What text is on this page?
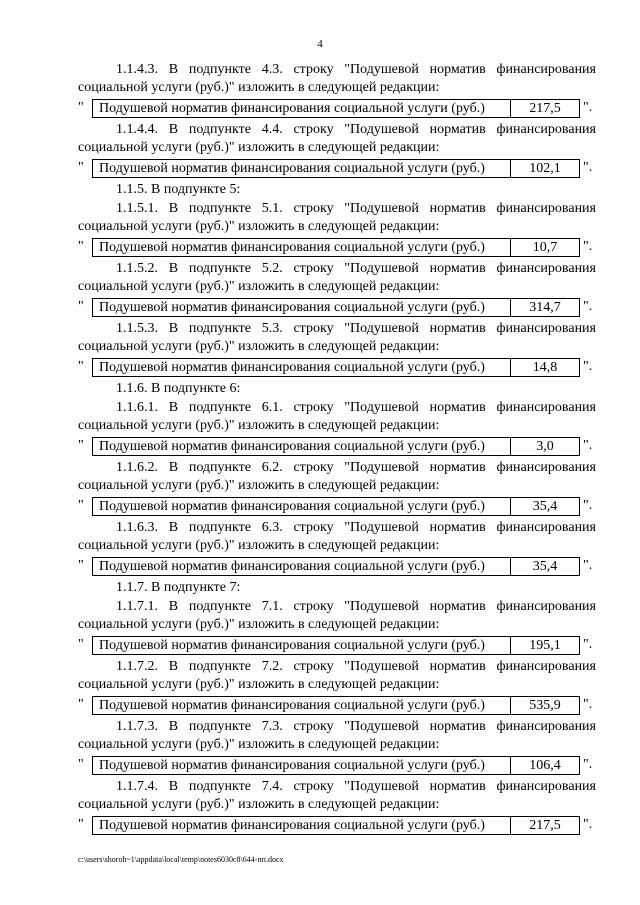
4

1.1.4.3. В подпункте 4.3. строку "Подушевой норматив финансирования социальной услуги (руб.)" изложить в следующей редакции:

"	Подушевой норматив финансирования социальной услуги (руб.)	217,5	".

1.1.4.4. В подпункте 4.4. строку "Подушевой норматив финансирования социальной услуги (руб.)" изложить в следующей редакции:

"	Подушевой норматив финансирования социальной услуги (руб.)	102,1	".

1.1.5. В подпункте 5:

1.1.5.1. В подпункте 5.1. строку "Подушевой норматив финансирования социальной услуги (руб.)" изложить в следующей редакции:

"	Подушевой норматив финансирования социальной услуги (руб.)	10,7	".

1.1.5.2. В подпункте 5.2. строку "Подушевой норматив финансирования социальной услуги (руб.)" изложить в следующей редакции:

"	Подушевой норматив финансирования социальной услуги (руб.)	314,7	".

1.1.5.3. В подпункте 5.3. строку "Подушевой норматив финансирования социальной услуги (руб.)" изложить в следующей редакции:

"	Подушевой норматив финансирования социальной услуги (руб.)	14,8	".

1.1.6. В подпункте 6:

1.1.6.1. В подпункте 6.1. строку "Подушевой норматив финансирования социальной услуги (руб.)" изложить в следующей редакции:

"	Подушевой норматив финансирования социальной услуги (руб.)	3,0	".

1.1.6.2. В подпункте 6.2. строку "Подушевой норматив финансирования социальной услуги (руб.)" изложить в следующей редакции:

"	Подушевой норматив финансирования социальной услуги (руб.)	35,4	".

1.1.6.3. В подпункте 6.3. строку "Подушевой норматив финансирования социальной услуги (руб.)" изложить в следующей редакции:

"	Подушевой норматив финансирования социальной услуги (руб.)	35,4	".

1.1.7. В подпункте 7:

1.1.7.1. В подпункте 7.1. строку "Подушевой норматив финансирования социальной услуги (руб.)" изложить в следующей редакции:

"	Подушевой норматив финансирования социальной услуги (руб.)	195,1	".

1.1.7.2. В подпункте 7.2. строку "Подушевой норматив финансирования социальной услуги (руб.)" изложить в следующей редакции:

"	Подушевой норматив финансирования социальной услуги (руб.)	535,9	".

1.1.7.3. В подпункте 7.3. строку "Подушевой норматив финансирования социальной услуги (руб.)" изложить в следующей редакции:

"	Подушевой норматив финансирования социальной услуги (руб.)	106,4	".

1.1.7.4. В подпункте 7.4. строку "Подушевой норматив финансирования социальной услуги (руб.)" изложить в следующей редакции:

"	Подушевой норматив финансирования социальной услуги (руб.)	217,5	".
c:\users\shoroh~1\appdata\local\temp\notes6030c8\644-пп.docx
